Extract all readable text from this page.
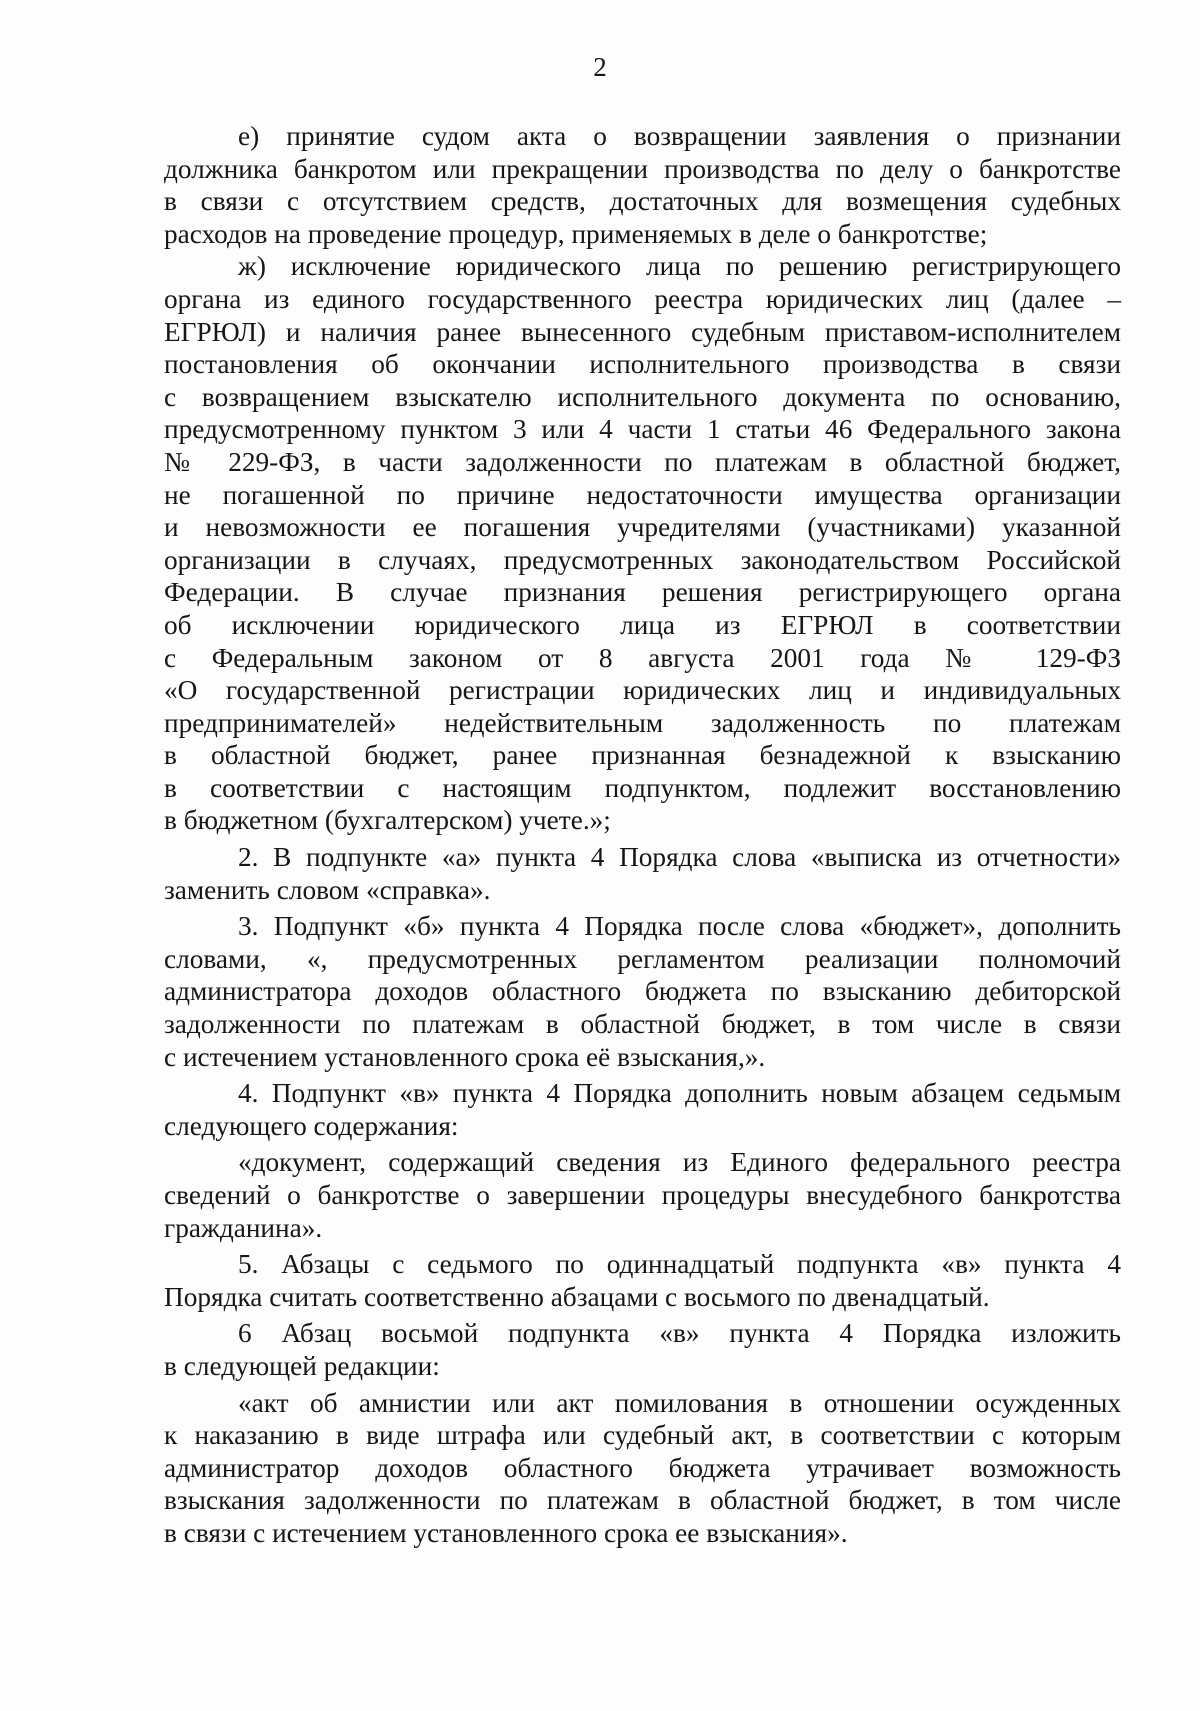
2
е) принятие судом акта о возвращении заявления о признании
должника банкротом или прекращении производства по делу о банкротстве
в связи с отсутствием средств, достаточных для возмещения судебных
расходов на проведение процедур, применяемых в деле о банкротстве;
ж) исключение юридического лица по решению регистрирующего
органа из единого государственного реестра юридических лиц (далее –
ЕГРЮЛ) и наличия ранее вынесенного судебным приставом-исполнителем
постановления об окончании исполнительного производства в связи
с возвращением взыскателю исполнительного документа по основанию,
предусмотренному пунктом 3 или 4 части 1 статьи 46 Федерального закона
№ 229-ФЗ, в части задолженности по платежам в областной бюджет,
не погашенной по причине недостаточности имущества организации
и невозможности ее погашения учредителями (участниками) указанной
организации в случаях, предусмотренных законодательством Российской
Федерации. В случае признания решения регистрирующего органа
об исключении юридического лица из ЕГРЮЛ в соответствии
с Федеральным законом от 8 августа 2001 года № 129-ФЗ
«О государственной регистрации юридических лиц и индивидуальных
предпринимателей» недействительным задолженность по платежам
в областной бюджет, ранее признанная безнадежной к взысканию
в соответствии с настоящим подпунктом, подлежит восстановлению
в бюджетном (бухгалтерском) учете.»;
2. В подпункте «а» пункта 4 Порядка слова «выписка из отчетности»
заменить словом «справка».
3. Подпункт «б» пункта 4 Порядка после слова «бюджет», дополнить
словами, «, предусмотренных регламентом реализации полномочий
администратора доходов областного бюджета по взысканию дебиторской
задолженности по платежам в областной бюджет, в том числе в связи
с истечением установленного срока её взыскания,».
4. Подпункт «в» пункта 4 Порядка дополнить новым абзацем седьмым
следующего содержания:
«документ, содержащий сведения из Единого федерального реестра
сведений о банкротстве о завершении процедуры внесудебного банкротства
гражданина».
5. Абзацы с седьмого по одиннадцатый подпункта «в» пункта 4
Порядка считать соответственно абзацами с восьмого по двенадцатый.
6 Абзац восьмой подпункта «в» пункта 4 Порядка изложить
в следующей редакции:
«акт об амнистии или акт помилования в отношении осужденных
к наказанию в виде штрафа или судебный акт, в соответствии с которым
администратор доходов областного бюджета утрачивает возможность
взыскания задолженности по платежам в областной бюджет, в том числе
в связи с истечением установленного срока ее взыскания».
